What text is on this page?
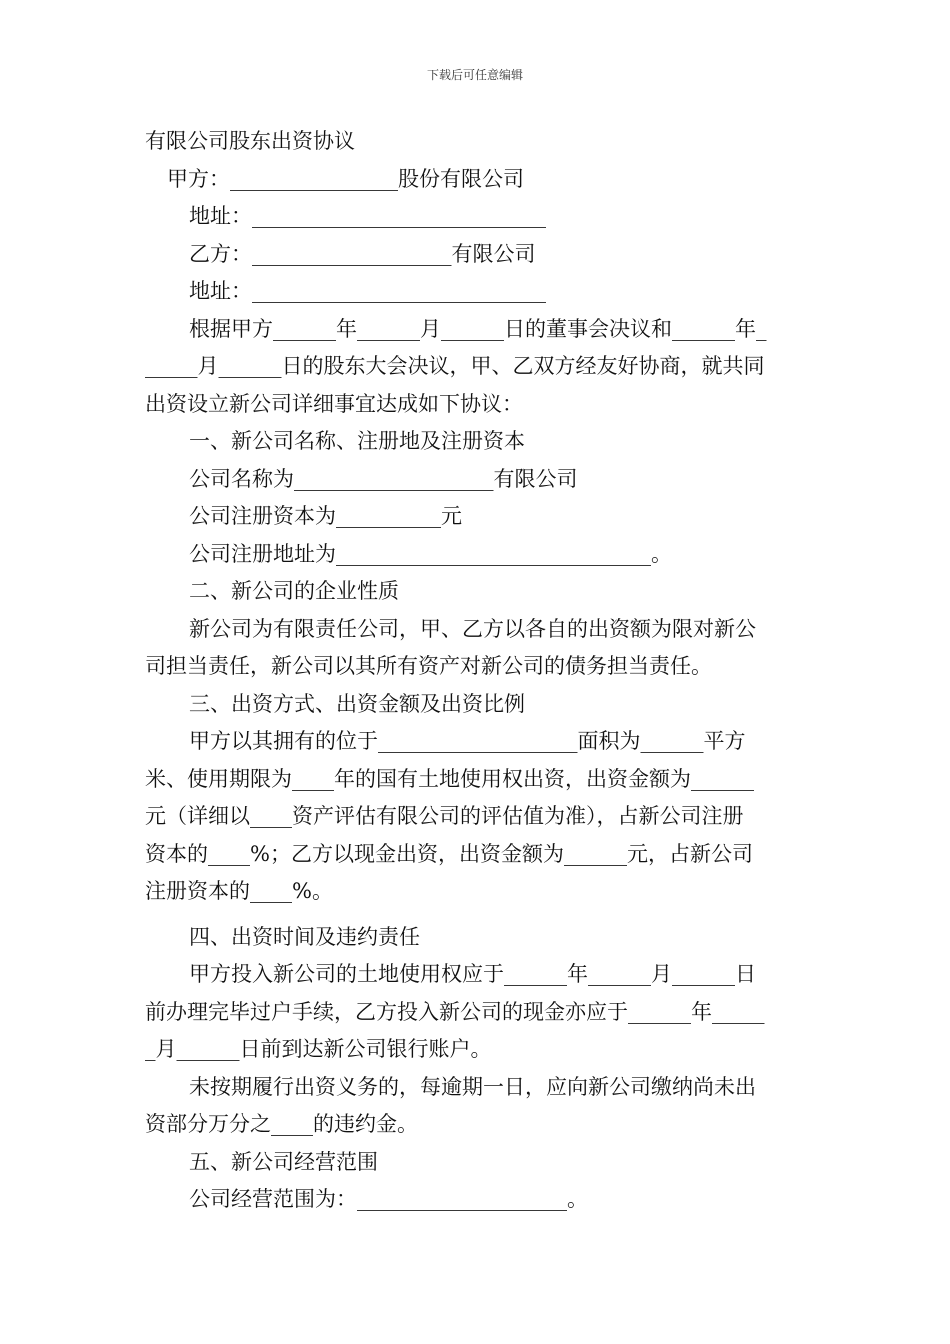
下载后可任意编辑
有限公司股东出资协议
甲方：________________股份有限公司
地址：____________________________
乙方：___________________有限公司
地址：____________________________
根据甲方______年______月______日的董事会决议和______年_
_____月______日的股东大会决议，甲、乙双方经友好协商，就共同
出资设立新公司详细事宜达成如下协议：
一、新公司名称、注册地及注册资本
公司名称为___________________有限公司
公司注册资本为__________元
公司注册地址为______________________________。
二、新公司的企业性质
新公司为有限责任公司，甲、乙方以各自的出资额为限对新公
司担当责任，新公司以其所有资产对新公司的债务担当责任。
三、出资方式、出资金额及出资比例
甲方以其拥有的位于___________________面积为______平方
米、使用期限为____年的国有土地使用权出资，出资金额为______
元（详细以____资产评估有限公司的评估值为准），占新公司注册
资本的____%；乙方以现金出资，出资金额为______元，占新公司
注册资本的____%。
四、出资时间及违约责任
甲方投入新公司的土地使用权应于______年______月______日
前办理完毕过户手续，乙方投入新公司的现金亦应于______年_____
_月______日前到达新公司银行账户。
未按期履行出资义务的，每逾期一日，应向新公司缴纳尚未出
资部分万分之____的违约金。
五、新公司经营范围
公司经营范围为：____________________。
